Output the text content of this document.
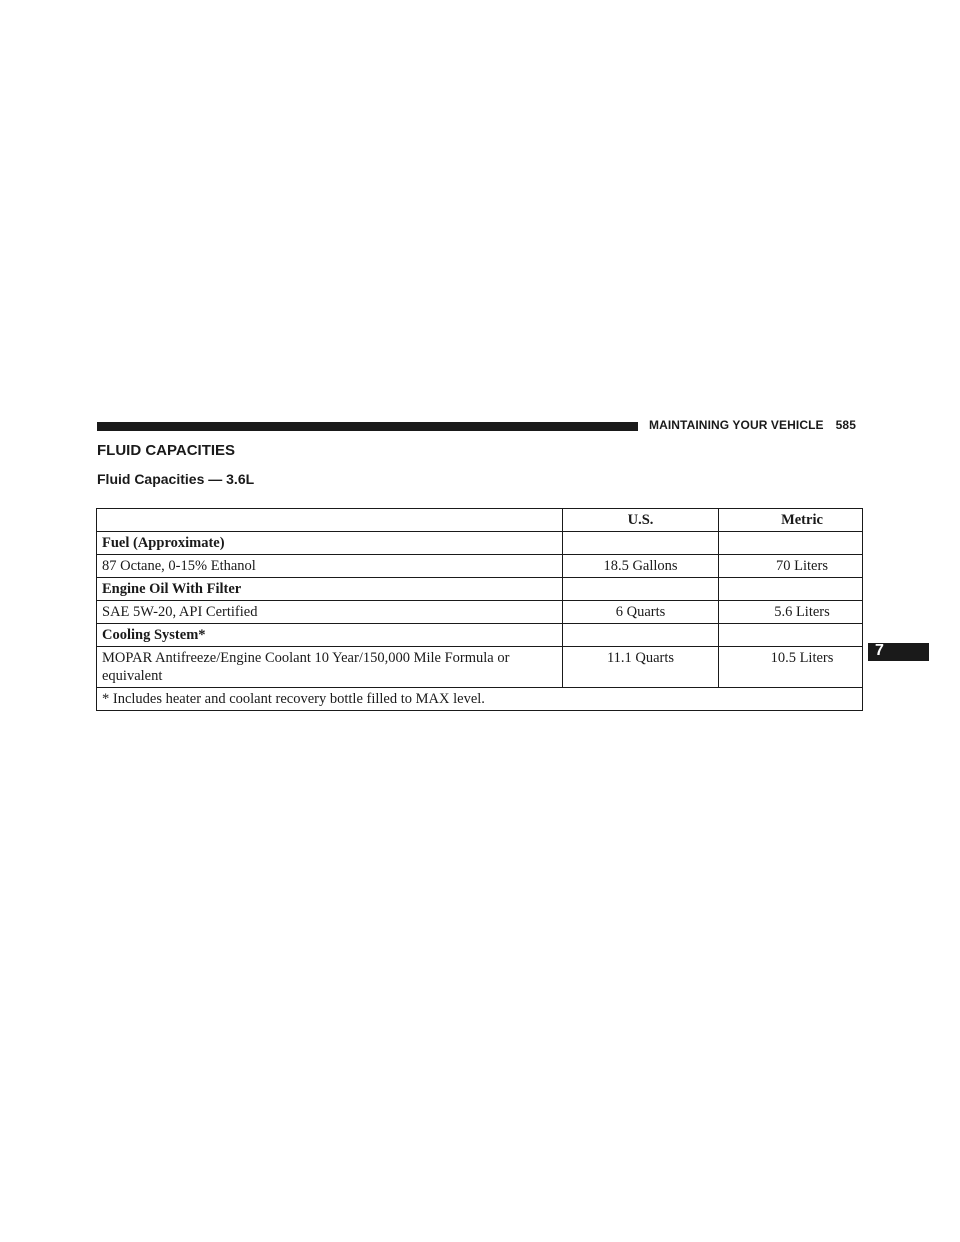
MAINTAINING YOUR VEHICLE 585
FLUID CAPACITIES
Fluid Capacities — 3.6L
	U.S.	Metric
Fuel (Approximate)		
87 Octane, 0-15% Ethanol	18.5 Gallons	70 Liters
Engine Oil With Filter		
SAE 5W-20, API Certified	6 Quarts	5.6 Liters
Cooling System*		
MOPAR Antifreeze/Engine Coolant 10 Year/150,000 Mile Formula or equivalent	11.1 Quarts	10.5 Liters
* Includes heater and coolant recovery bottle filled to MAX level.		
7
